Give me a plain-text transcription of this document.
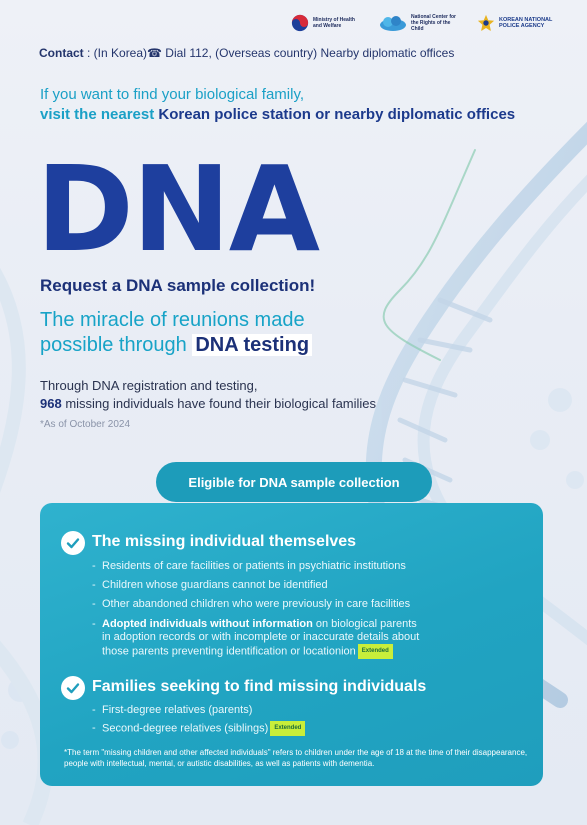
Ministry of Health and Welfare
National Center for the Rights of the Child
KOREAN NATIONAL POLICE AGENCY
Contact : (In Korea)☎ Dial 112, (Overseas country) Nearby diplomatic offices
If you want to find your biological family,
visit the nearest Korean police station or nearby diplomatic offices
DNA
Request a DNA sample collection!
The miracle of reunions made
possible through DNA testing
Through DNA registration and testing,
968 missing individuals have found their biological families
*As of October 2024
Eligible for DNA sample collection
The missing individual themselves
- Residents of care facilities or patients in psychiatric institutions
- Children whose guardians cannot be identified
- Other abandoned children who were previously in care facilities
- Adopted individuals without information on biological parents
in adoption records or with incomplete or inaccurate details about
those parents preventing identification or locationion Extended
Families seeking to find missing individuals
- First-degree relatives (parents)
- Second-degree relatives (siblings) Extended
*The term "missing children and other affected individuals" refers to children under the age of 18 at the time of their disappearance, people with intellectual, mental, or autistic disabilities, as well as patients with dementia.
